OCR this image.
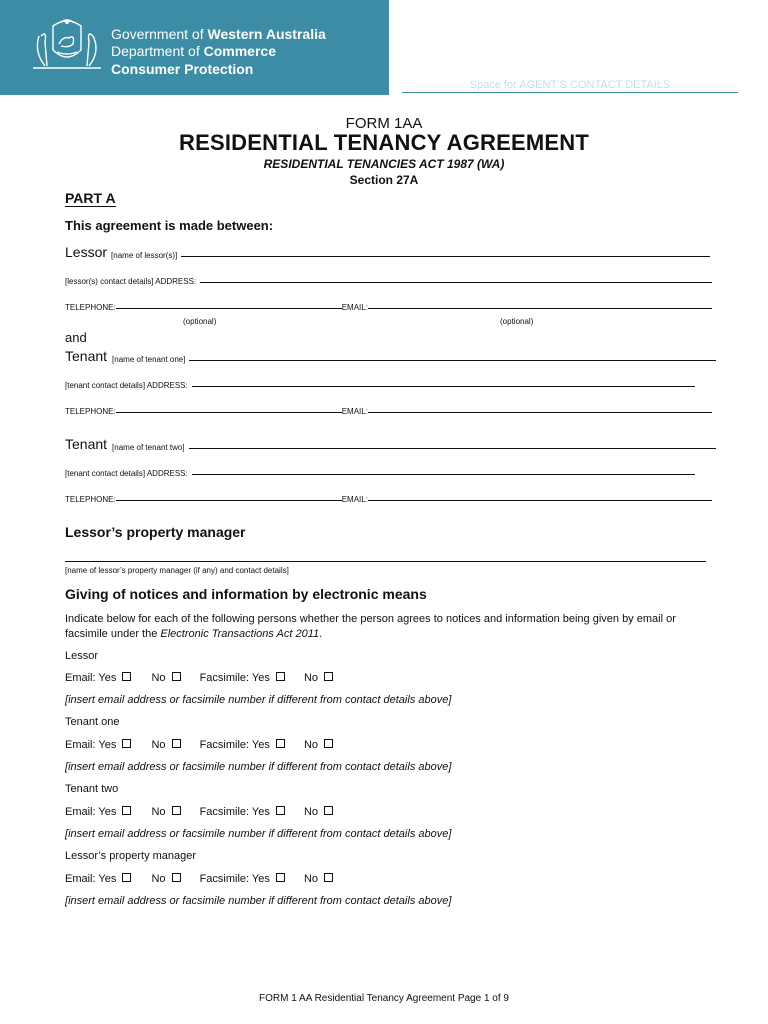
Government of Western Australia
Department of Commerce
Consumer Protection
Space for AGENT’S CONTACT DETAILS
FORM 1AA
RESIDENTIAL TENANCY AGREEMENT
RESIDENTIAL TENANCIES ACT 1987 (WA)
Section 27A
PART A
This agreement is made between:
Lessor [name of lessor(s)]
[lessor(s) contact details] ADDRESS:
TELEPHONE:	EMAIL:
(optional)	(optional)
and
Tenant [name of tenant one]
[tenant contact details] ADDRESS:
TELEPHONE:	EMAIL:
Tenant [name of tenant two]
[tenant contact details] ADDRESS:
TELEPHONE:	EMAIL:
Lessor’s property manager
[name of lessor’s property manager (if any) and contact details]
Giving of notices and information by electronic means
Indicate below for each of the following persons whether the person agrees to notices and information being given by email or
facsimile under the Electronic Transactions Act 2011.
Lessor
Email: Yes	No	Facsimile: Yes	No
[insert email address or facsimile number if different from contact details above]
Tenant one
Email: Yes	No	Facsimile: Yes	No
[insert email address or facsimile number if different from contact details above]
Tenant two
Email: Yes	No	Facsimile: Yes	No
[insert email address or facsimile number if different from contact details above]
Lessor’s property manager
Email: Yes	No	Facsimile: Yes	No
[insert email address or facsimile number if different from contact details above]
FORM 1 AA Residential Tenancy Agreement Page 1 of 9
